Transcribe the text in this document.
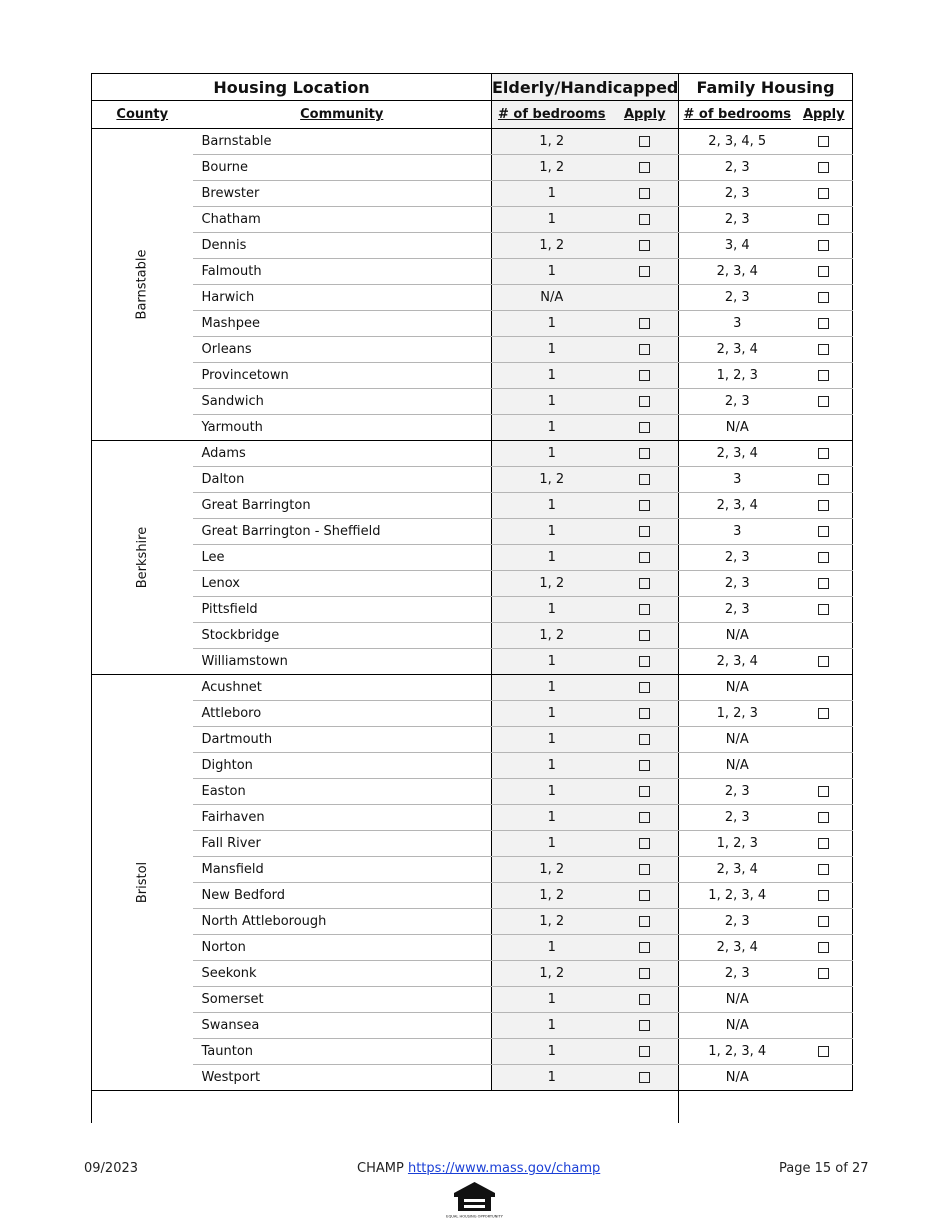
Housing Location		Elderly/Handicapped		Family Housing	
County	Community	# of bedrooms	Apply	# of bedrooms	Apply
Barnstable	Barnstable	1, 2		2, 3, 4, 5	
	Bourne	1, 2		2, 3	
	Brewster	1		2, 3	
	Chatham	1		2, 3	
	Dennis	1, 2		3, 4	
	Falmouth	1		2, 3, 4	
	Harwich	N/A		2, 3	
	Mashpee	1		3	
	Orleans	1		2, 3, 4	
	Provincetown	1		1, 2, 3	
	Sandwich	1		2, 3	
	Yarmouth	1		N/A	
Berkshire	Adams	1		2, 3, 4	
	Dalton	1, 2		3	
	Great Barrington	1		2, 3, 4	
	Great Barrington - Sheffield	1		3	
	Lee	1		2, 3	
	Lenox	1, 2		2, 3	
	Pittsfield	1		2, 3	
	Stockbridge	1, 2		N/A	
	Williamstown	1		2, 3, 4	
Bristol	Acushnet	1		N/A	
	Attleboro	1		1, 2, 3	
	Dartmouth	1		N/A	
	Dighton	1		N/A	
	Easton	1		2, 3	
	Fairhaven	1		2, 3	
	Fall River	1		1, 2, 3	
	Mansfield	1, 2		2, 3, 4	
	New Bedford	1, 2		1, 2, 3, 4	
	North Attleborough	1, 2		2, 3	
	Norton	1		2, 3, 4	
	Seekonk	1, 2		2, 3	
	Somerset	1		N/A	
	Swansea	1		N/A	
	Taunton	1		1, 2, 3, 4	
	Westport	1		N/A	
09/2023	CHAMP https://www.mass.gov/champ	Page 15 of 27
EQUAL HOUSING OPPORTUNITY
